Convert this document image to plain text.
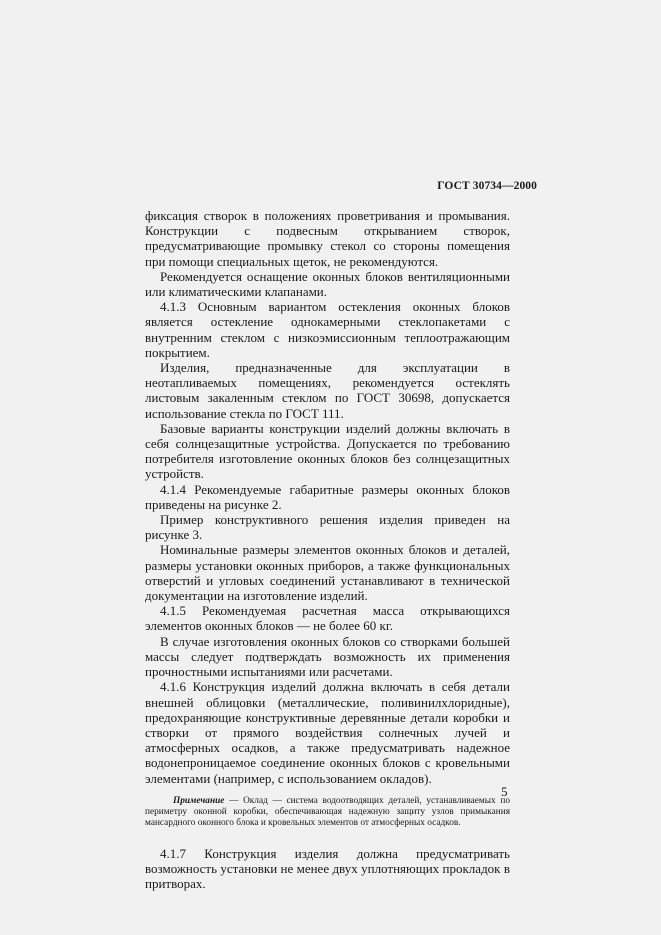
ГОСТ 30734—2000

фиксация створок в положениях проветривания и промывания. Конструкции с подвесным открыванием створок, предусматривающие промывку стекол со стороны помещения при помощи специальных щеток, не рекомендуются.

Рекомендуется оснащение оконных блоков вентиляционными или климатическими клапанами.

4.1.3 Основным вариантом остекления оконных блоков является остекление однокамерными стеклопакетами с внутренним стеклом с низкоэмиссионным теплоотражающим покрытием.

Изделия, предназначенные для эксплуатации в неотапливаемых помещениях, рекомендуется остеклять листовым закаленным стеклом по ГОСТ 30698, допускается использование стекла по ГОСТ 111.

Базовые варианты конструкции изделий должны включать в себя солнцезащитные устройства. Допускается по требованию потребителя изготовление оконных блоков без солнцезащитных устройств.

4.1.4 Рекомендуемые габаритные размеры оконных блоков приведены на рисунке 2.

Пример конструктивного решения изделия приведен на рисунке 3.

Номинальные размеры элементов оконных блоков и деталей, размеры установки оконных приборов, а также функциональных отверстий и угловых соединений устанавливают в технической документации на изготовление изделий.

4.1.5 Рекомендуемая расчетная масса открывающихся элементов оконных блоков — не более 60 кг.

В случае изготовления оконных блоков со створками большей массы следует подтверждать возможность их применения прочностными испытаниями или расчетами.

4.1.6 Конструкция изделий должна включать в себя детали внешней облицовки (металлические, поливинилхлоридные), предохраняющие конструктивные деревянные детали коробки и створки от прямого воздействия солнечных лучей и атмосферных осадков, а также предусматривать надежное водонепроницаемое соединение оконных блоков с кровельными элементами (например, с использованием окладов).

Примечание — Оклад — система водоотводящих деталей, устанавливаемых по периметру оконной коробки, обеспечивающая надежную защиту узлов примыкания мансардного оконного блока и кровельных элементов от атмосферных осадков.

4.1.7 Конструкция изделия должна предусматривать возможность установки не менее двух уплотняющих прокладок в притворах.

5
